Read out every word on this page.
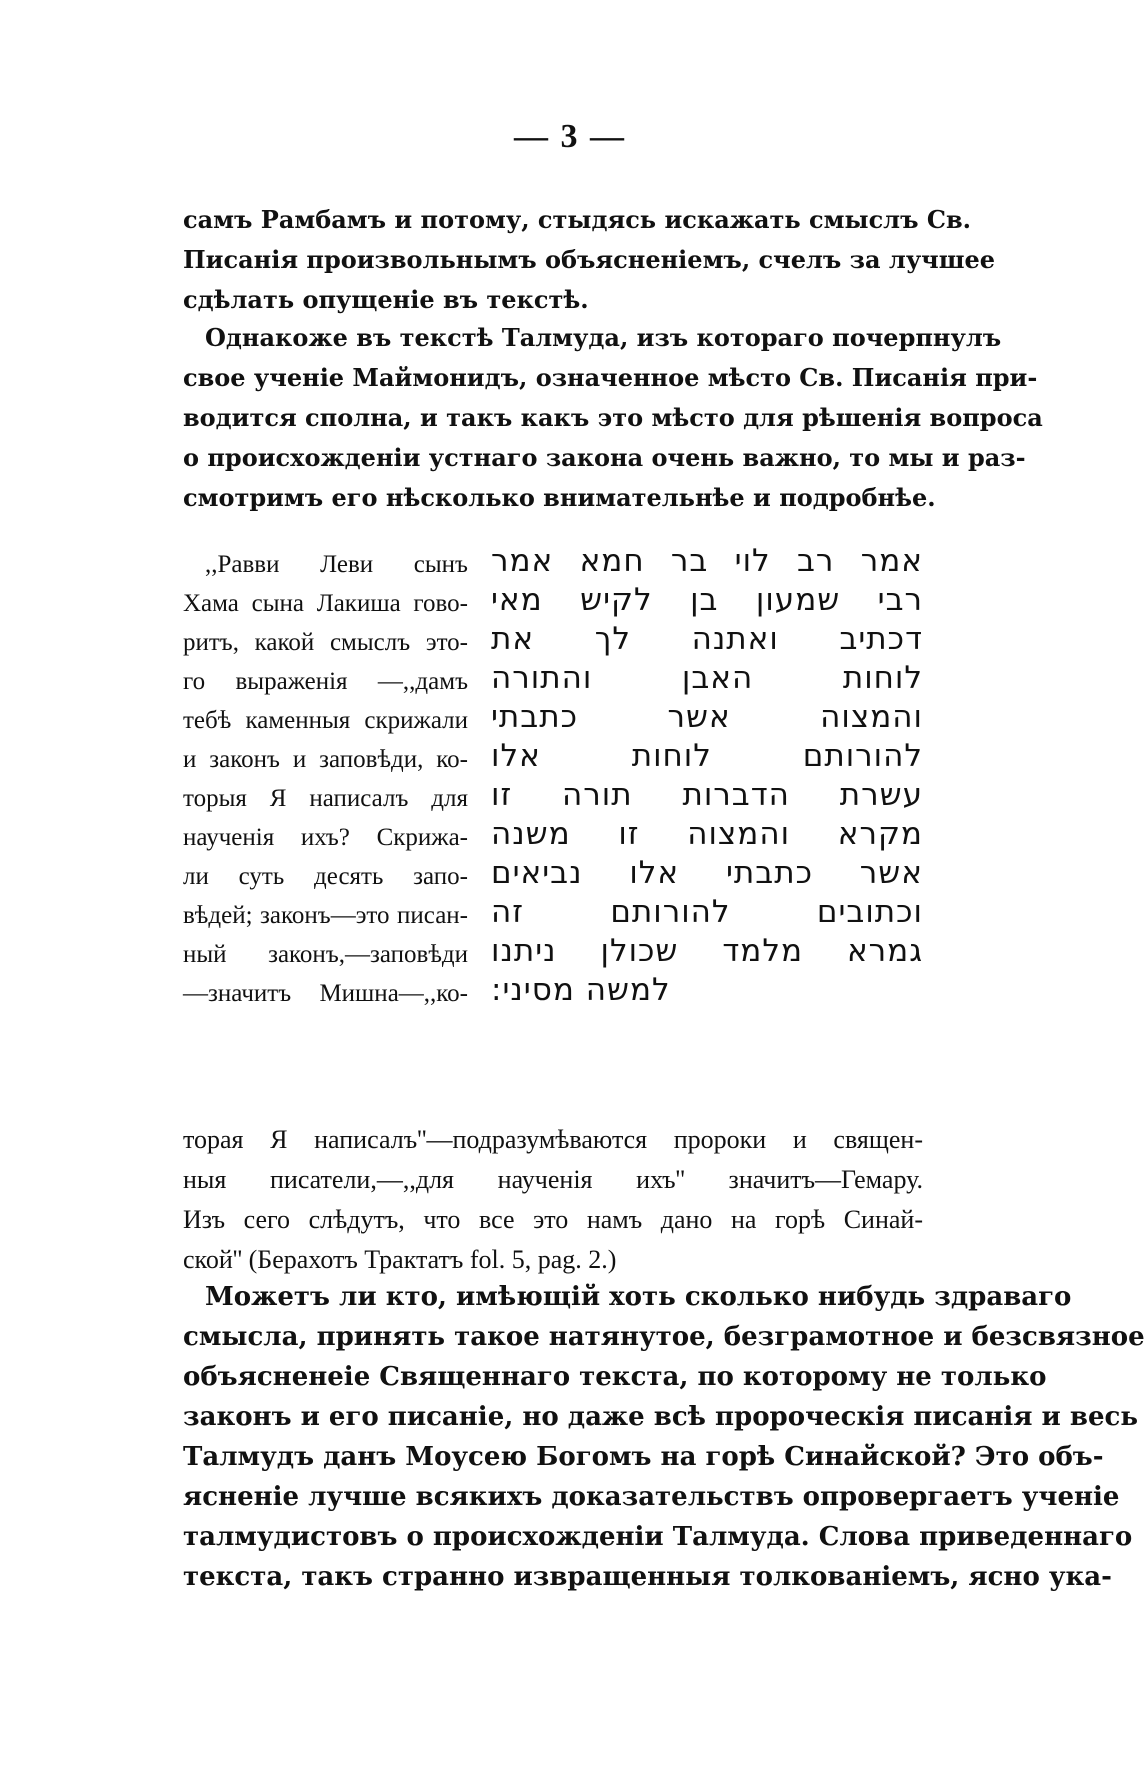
— 3 —
самъ Рамбамъ и потому, стыдясь искажать смыслъ Св.
Писанія произвольнымъ объясненіемъ, счелъ за лучшее
сдѣлать опущеніе въ текстѣ.
Однакоже въ текстѣ Талмуда, изъ котораго почерпнулъ
свое ученіе Маймонидъ, означенное мѣсто Св. Писанія при-
водится сполна, и такъ какъ это мѣсто для рѣшенія вопроса
о происхожденіи устнаго закона очень важно, то мы и раз-
смотримъ его нѣсколько внимательнѣе и подробнѣе.
,,Равви Леви сынъ
Хама сына Лакиша гово-
ритъ, какой смыслъ это-
го выраженія —,,дамъ
тебѣ каменныя скрижали
и законъ и заповѣди, ко-
торыя Я написалъ для
наученія ихъ? Скрижа-
ли суть десять запо-
вѣдей; законъ—это писан-
ный законъ,—заповѣди
—значитъ Мишна—,,ко-
אמר רב לוי בר חמא אמר
רבי שמעון בן לקיש מאי
דכתיב ואתנה לך את
לוחות האבן והתורה
והמצוה אשר כתבתי
להורותם לוחות אלו
עשרת הדברות תורה זו
מקרא והמצוה זו משנה
אשר כתבתי אלו נביאים
וכתובים להורותם זה
גמרא מלמד שכולן ניתנו
למשה מסיני:
торая Я написалъ''—подразумѣваются пророки и священ-
ныя писатели,—,,для наученія ихъ'' значитъ—Гемару.
Изъ сего слѣдутъ, что все это намъ дано на горѣ Синай-
ской'' (Берахотъ Трактатъ fol. 5, pag. 2.)
Можетъ ли кто, имѣющій хоть сколько нибудь здраваго
смысла, принять такое натянутое, безграмотное и безсвязное
объясненеіе Священнаго текста, по которому не только
законъ и его писаніе, но даже всѣ пророческія писанія и весь
Талмудъ данъ Моусею Богомъ на горѣ Синайской? Это объ-
ясненіе лучше всякихъ доказательствъ опровергаетъ ученіе
талмудистовъ о происхожденіи Талмуда. Слова приведеннаго
текста, такъ странно извращенныя толкованіемъ, ясно ука-
